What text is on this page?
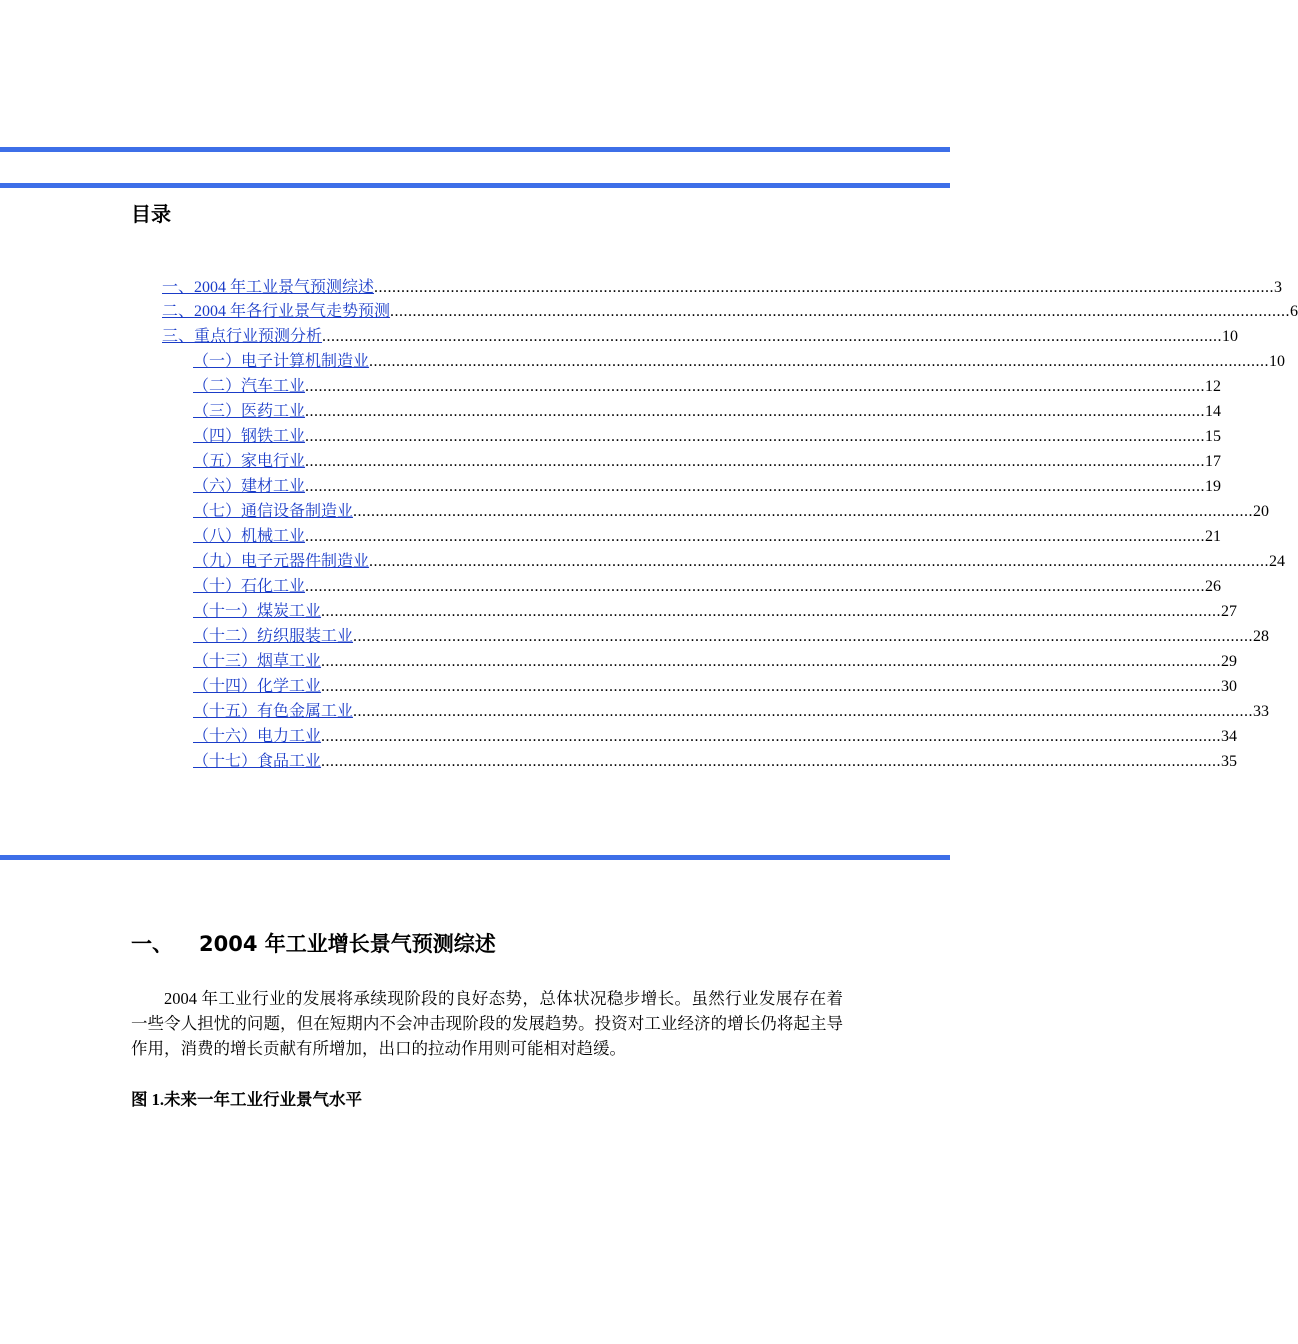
目录
一、 2004 年工业景气预测综述 ........................................................................................................................................................................................................ 3
二、 2004 年各行业景气走势预测 ........................................................................................................................................................................................................ 6
三、 重点行业预测分析 ........................................................................................................................................................................................................ 10
（一）电子计算机制造业 ........................................................................................................................................................................................................ 10
（二）汽车工业 ........................................................................................................................................................................................................ 12
（三）医药工业 ........................................................................................................................................................................................................ 14
（四）钢铁工业 ........................................................................................................................................................................................................ 15
（五）家电行业 ........................................................................................................................................................................................................ 17
（六）建材工业 ........................................................................................................................................................................................................ 19
（七）通信设备制造业 ........................................................................................................................................................................................................ 20
（八）机械工业 ........................................................................................................................................................................................................ 21
（九）电子元器件制造业 ........................................................................................................................................................................................................ 24
（十）石化工业 ........................................................................................................................................................................................................ 26
（十一）煤炭工业 ........................................................................................................................................................................................................ 27
（十二）纺织服装工业 ........................................................................................................................................................................................................ 28
（十三）烟草工业 ........................................................................................................................................................................................................ 29
（十四）化学工业 ........................................................................................................................................................................................................ 30
（十五）有色金属工业 ........................................................................................................................................................................................................ 33
（十六）电力工业 ........................................................................................................................................................................................................ 34
（十七）食品工业 ........................................................................................................................................................................................................ 35
一、	2004 年工业增长景气预测综述
2004 年工业行业的发展将承续现阶段的良好态势，总体状况稳步增长。虽然行业发展存在着一些令人担忧的问题，但在短期内不会冲击现阶段的发展趋势。投资对工业经济的增长仍将起主导作用，消费的增长贡献有所增加，出口的拉动作用则可能相对趋缓。
图 1.未来一年工业行业景气水平
